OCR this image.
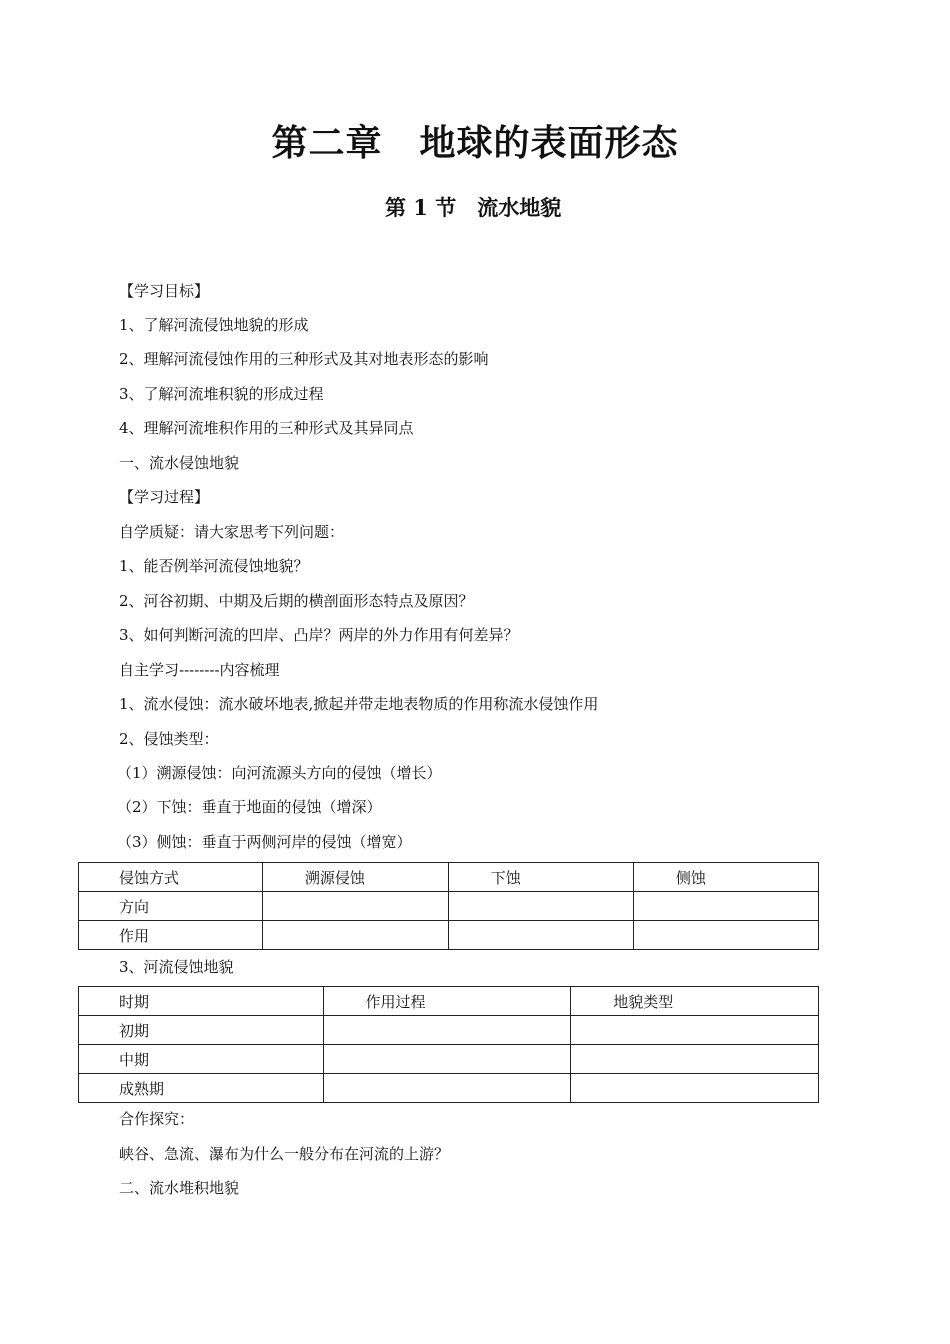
第二章　地球的表面形态
第 1 节　流水地貌
【学习目标】
1、了解河流侵蚀地貌的形成
2、理解河流侵蚀作用的三种形式及其对地表形态的影响
3、了解河流堆积貌的形成过程
4、理解河流堆积作用的三种形式及其异同点
一、流水侵蚀地貌
【学习过程】
自学质疑：请大家思考下列问题：
1、能否例举河流侵蚀地貌？
2、河谷初期、中期及后期的横剖面形态特点及原因？
3、如何判断河流的凹岸、凸岸？两岸的外力作用有何差异？
自主学习--------内容梳理
1、流水侵蚀：流水破坏地表,掀起并带走地表物质的作用称流水侵蚀作用
2、侵蚀类型：
（1）溯源侵蚀：向河流源头方向的侵蚀（增长）
（2）下蚀：垂直于地面的侵蚀（增深）
（3）侧蚀：垂直于两侧河岸的侵蚀（增宽）
侵蚀方式	溯源侵蚀	下蚀	侧蚀
方向			
作用			
3、河流侵蚀地貌
时期	作用过程	地貌类型
初期		
中期		
成熟期		
合作探究：
峡谷、急流、瀑布为什么一般分布在河流的上游？
二、流水堆积地貌
